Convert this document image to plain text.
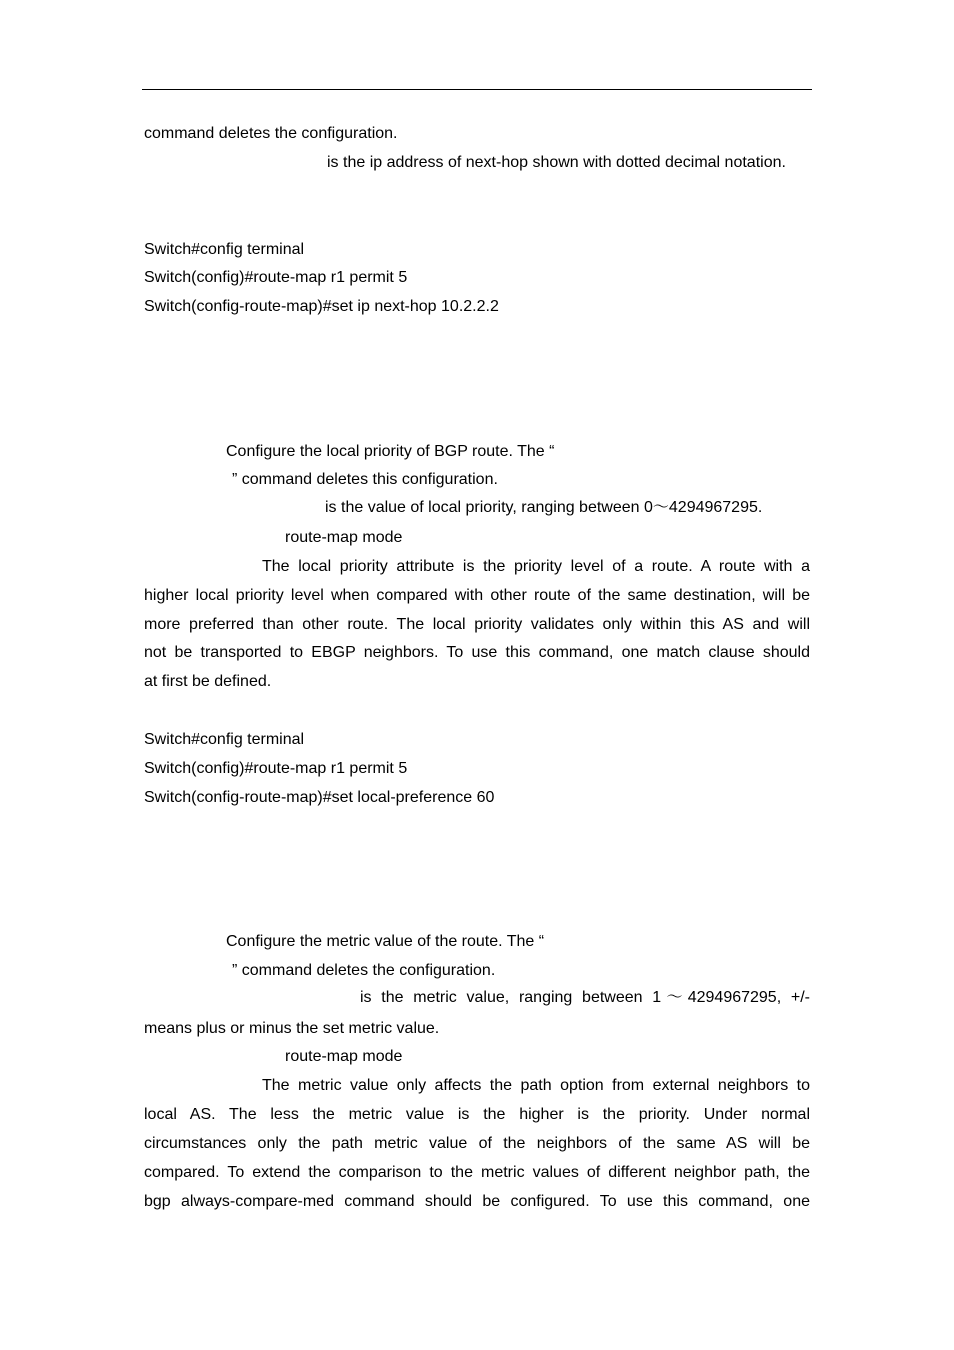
command deletes the configuration.
is the ip address of next-hop shown with dotted decimal notation.
Switch#config terminal
Switch(config)#route-map r1 permit 5
Switch(config-route-map)#set ip next-hop 10.2.2.2
Configure the local priority of BGP route. The “
” command deletes this configuration.
is the value of local priority, ranging between 0～4294967295.
route-map mode
The local priority attribute is the priority level of a route. A route with a
higher local priority level when compared with other route of the same destination, will be
more preferred than other route. The local priority validates only within this AS and will
not be transported to EBGP neighbors. To use this command, one match clause should
at first be defined.
Switch#config terminal
Switch(config)#route-map r1 permit 5
Switch(config-route-map)#set local-preference 60
Configure the metric value of the route. The “
” command deletes the configuration.
is the metric value, ranging between 1～4294967295, +/-
means plus or minus the set metric value.
route-map mode
The metric value only affects the path option from external neighbors to
local AS. The less the metric value is the higher is the priority. Under normal
circumstances only the path metric value of the neighbors of the same AS will be
compared. To extend the comparison to the metric values of different neighbor path, the
bgp always-compare-med command should be configured. To use this command, one
